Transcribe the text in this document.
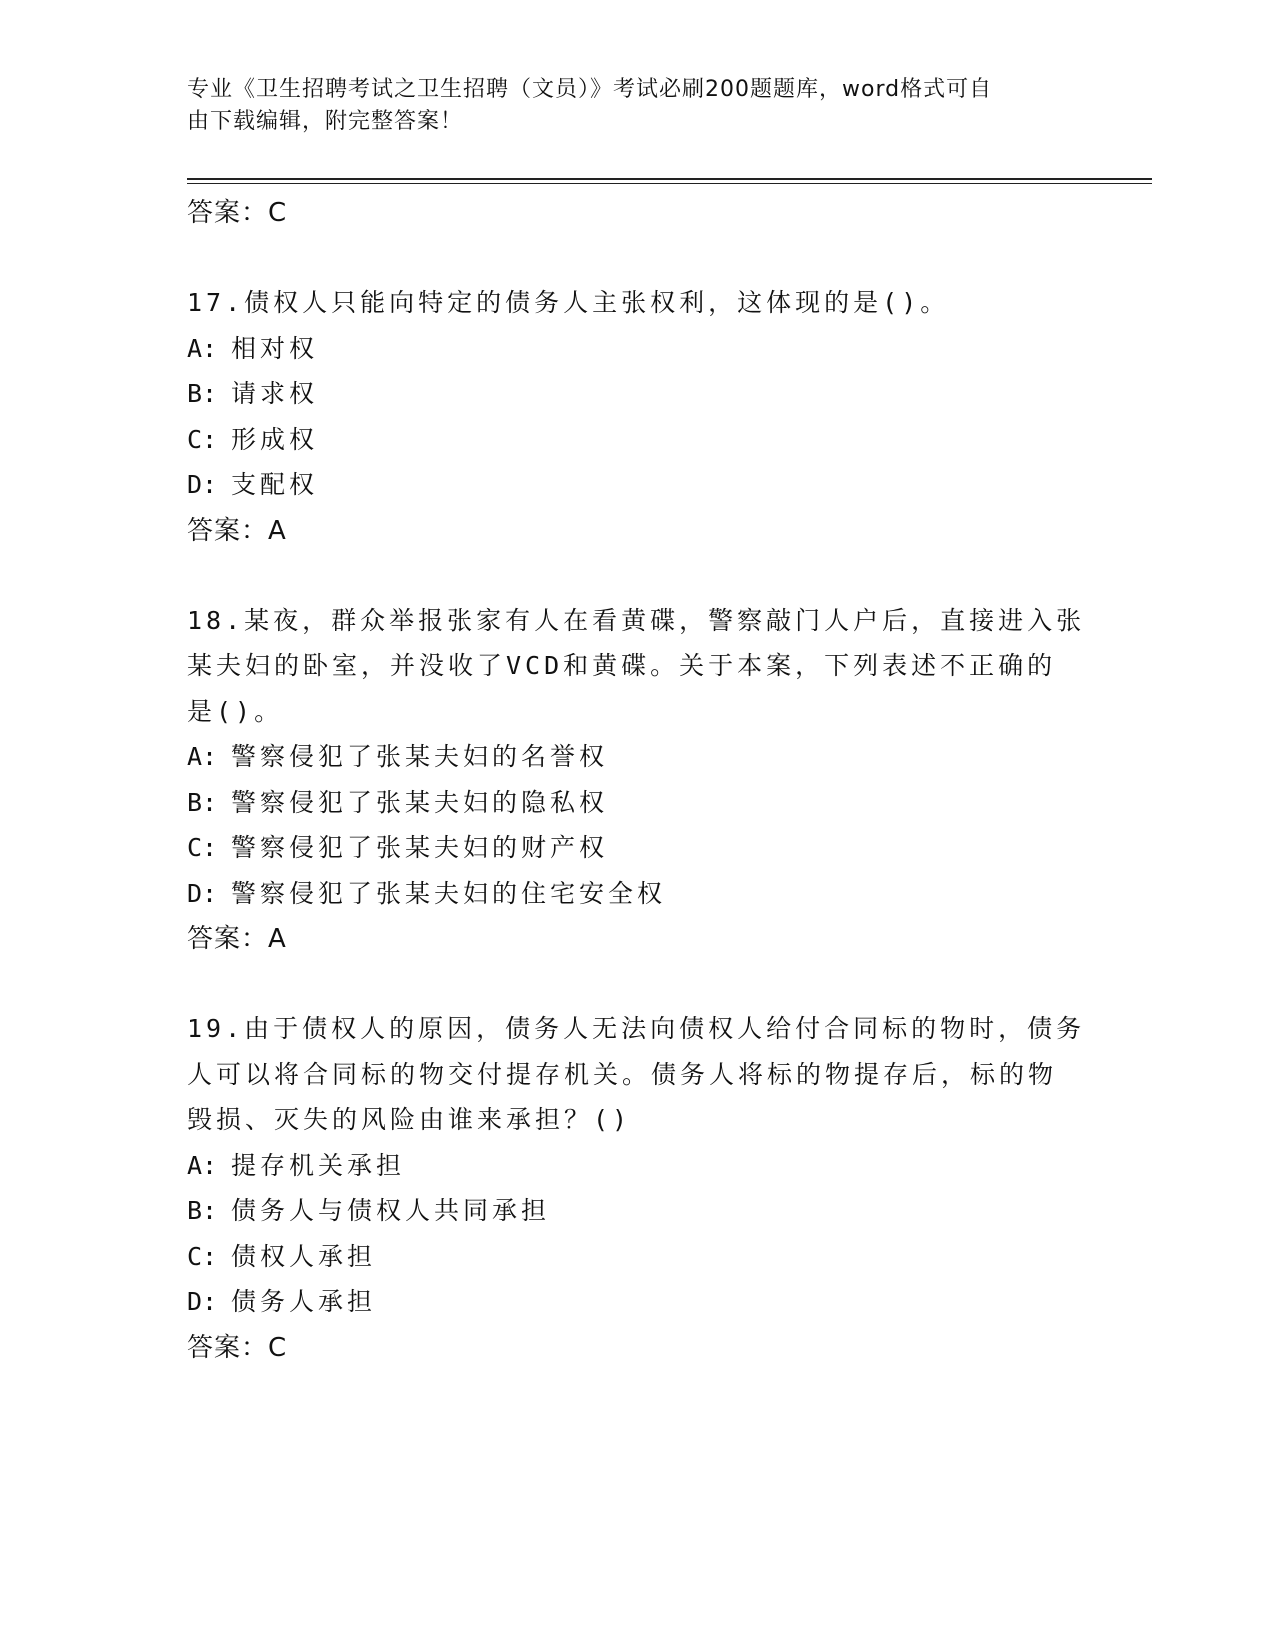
专业《卫生招聘考试之卫生招聘（文员）》考试必刷200题题库，word格式可自
由下载编辑，附完整答案！
答案：C
17.债权人只能向特定的债务人主张权利，这体现的是()。
A: 相对权
B: 请求权
C: 形成权
D: 支配权
答案：A
18.某夜，群众举报张家有人在看黄碟，警察敲门人户后，直接进入张
某夫妇的卧室，并没收了VCD和黄碟。关于本案，下列表述不正确的
是()。
A: 警察侵犯了张某夫妇的名誉权
B: 警察侵犯了张某夫妇的隐私权
C: 警察侵犯了张某夫妇的财产权
D: 警察侵犯了张某夫妇的住宅安全权
答案：A
19.由于债权人的原因，债务人无法向债权人给付合同标的物时，债务
人可以将合同标的物交付提存机关。债务人将标的物提存后，标的物
毁损、灭失的风险由谁来承担？()
A: 提存机关承担
B: 债务人与债权人共同承担
C: 债权人承担
D: 债务人承担
答案：C
